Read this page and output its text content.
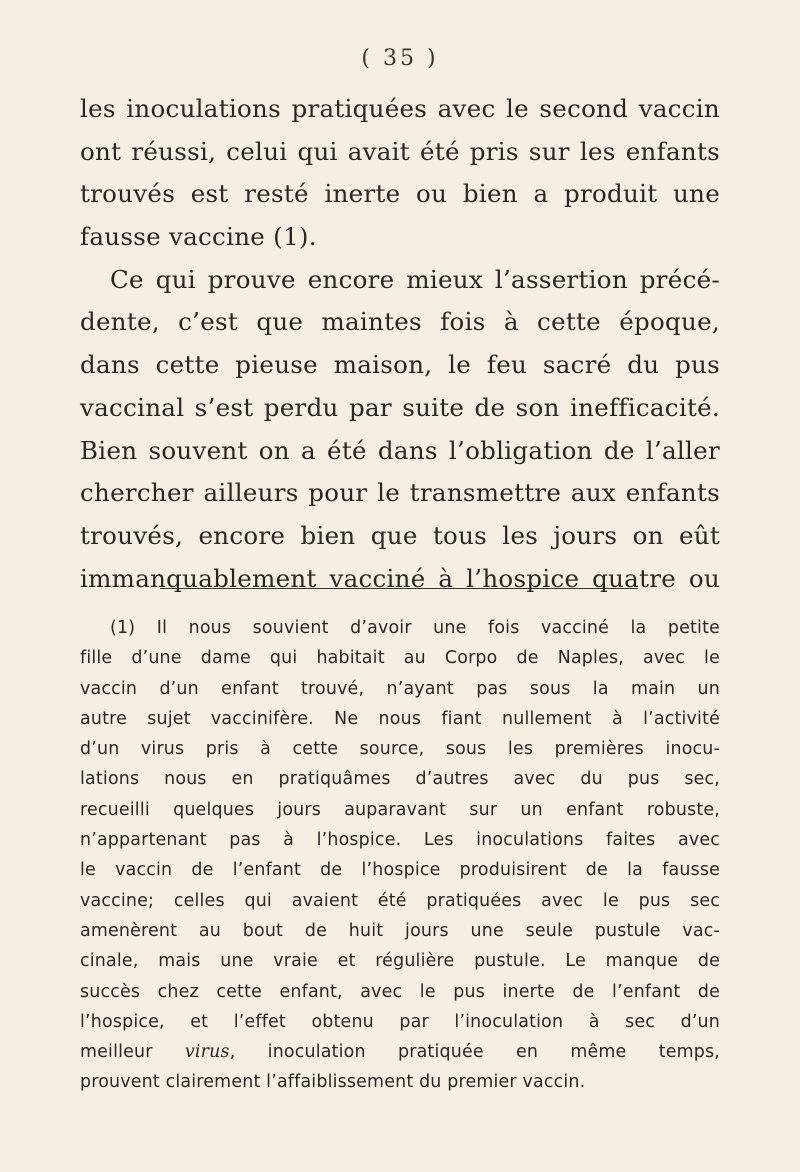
( 35 )
les inoculations pratiquées avec le second vaccin
ont réussi, celui qui avait été pris sur les enfants
trouvés est resté inerte ou bien a produit une
fausse vaccine (1).
Ce qui prouve encore mieux l’assertion précé-
dente, c’est que maintes fois à cette époque,
dans cette pieuse maison, le feu sacré du pus
vaccinal s’est perdu par suite de son inefficacité.
Bien souvent on a été dans l’obligation de l’aller
chercher ailleurs pour le transmettre aux enfants
trouvés, encore bien que tous les jours on eût
immanquablement vacciné à l’hospice quatre ou
(1) Il nous souvient d’avoir une fois vacciné la petite
fille d’une dame qui habitait au Corpo de Naples, avec le
vaccin d’un enfant trouvé, n’ayant pas sous la main un
autre sujet vaccinifère. Ne nous fiant nullement à l’activité
d’un virus pris à cette source, sous les premières inocu-
lations nous en pratiquâmes d’autres avec du pus sec,
recueilli quelques jours auparavant sur un enfant robuste,
n’appartenant pas à l’hospice. Les inoculations faites avec
le vaccin de l’enfant de l’hospice produisirent de la fausse
vaccine; celles qui avaient été pratiquées avec le pus sec
amenèrent au bout de huit jours une seule pustule vac-
cinale, mais une vraie et régulière pustule. Le manque de
succès chez cette enfant, avec le pus inerte de l’enfant de
l’hospice, et l’effet obtenu par l’inoculation à sec d’un
meilleur virus, inoculation pratiquée en même temps,
prouvent clairement l’affaiblissement du premier vaccin.
